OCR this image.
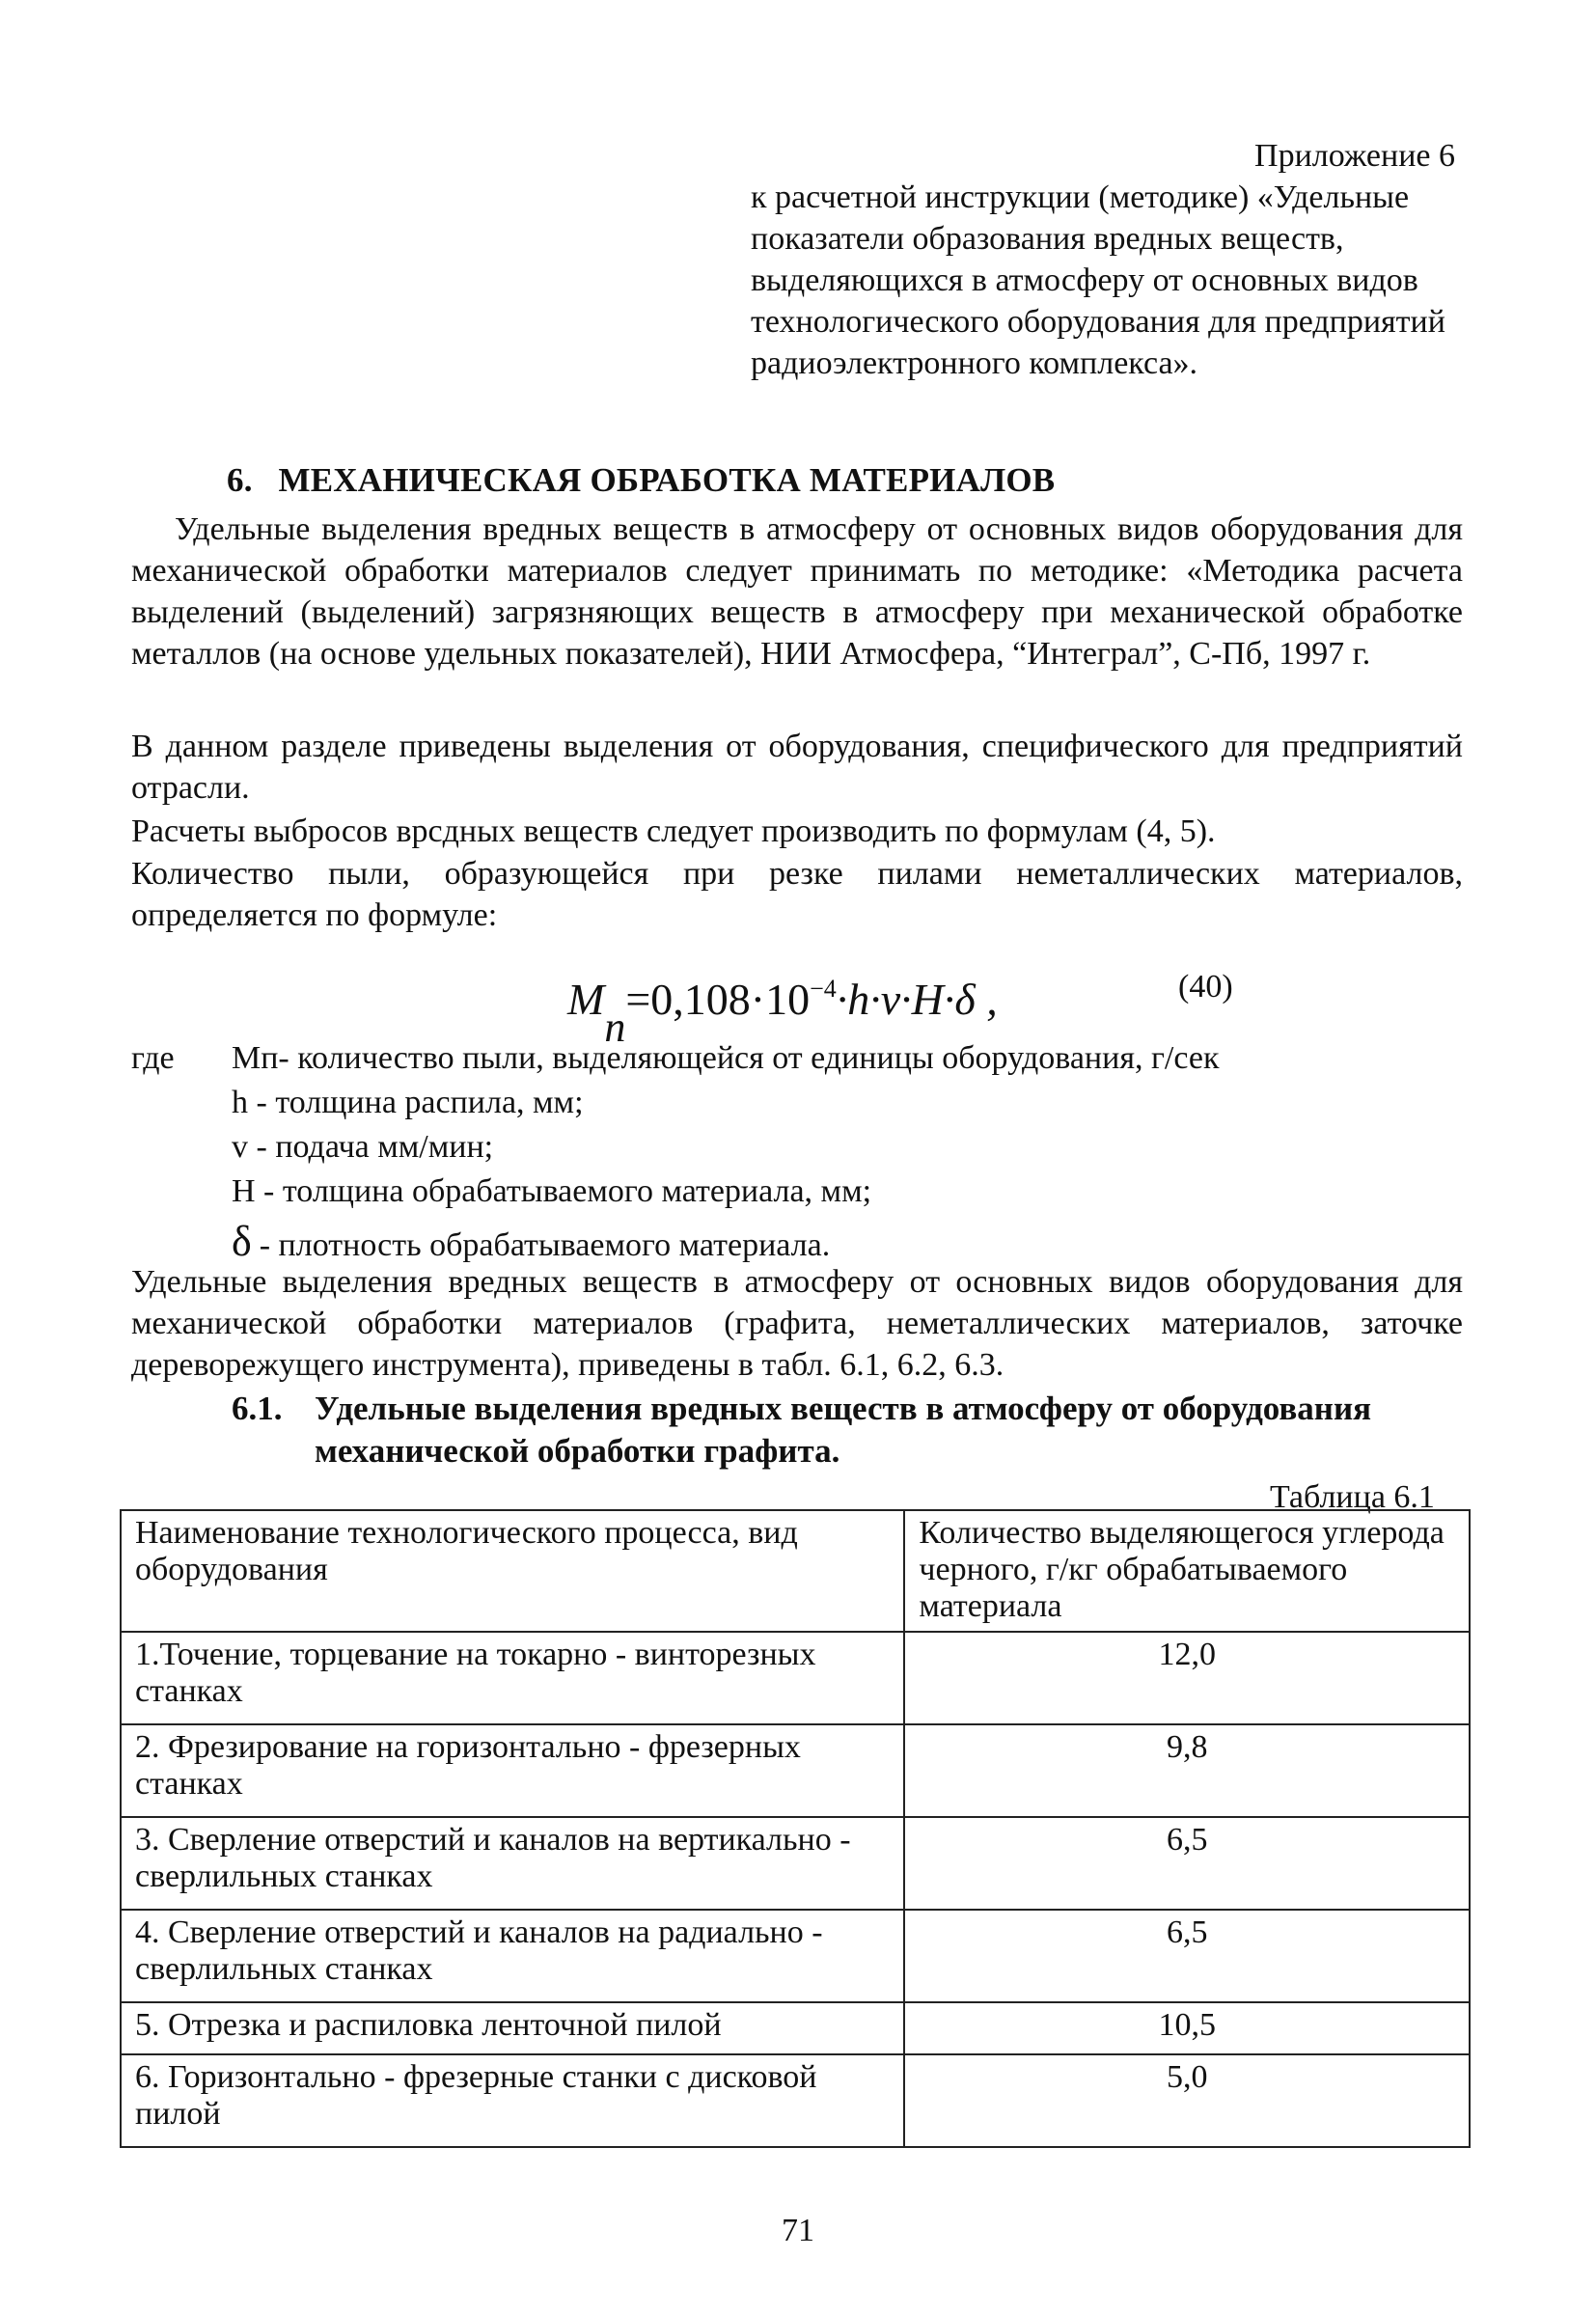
Приложение 6
к расчетной инструкции (методике) «Удельные показатели образования вредных веществ, выделяющихся в атмосферу от основных видов технологического оборудования для предприятий радиоэлектронного комплекса».
6.   МЕХАНИЧЕСКАЯ ОБРАБОТКА МАТЕРИАЛОВ

Удельные выделения вредных веществ в атмосферу от основных видов оборудования для механической обработки материалов следует принимать по методике: «Методика расчета выделений (выделений) загрязняющих веществ в атмосферу при механической обработке металлов (на основе удельных показателей), НИИ Атмосфера, “Интеграл”, С-Пб, 1997 г.

В данном разделе приведены выделения от оборудования, специфического для предприятий отрасли.

Расчеты выбросов врсдных веществ следует производить по формулам (4, 5).

Количество пыли, образующейся при резке пилами неметаллических материалов, определяется по формуле:

$M_n=0,108\cdot 10^{-4}\cdot h\cdot v\cdot H\cdot\delta$ ,	(40)
где Мп- количество пыли, выделяющейся от единицы оборудования, г/сек
h - толщина распила, мм;
v - подача мм/мин;
H - толщина обрабатываемого материала, мм;
δ - плотность обрабатываемого материала.

Удельные выделения вредных веществ в атмосферу от основных видов оборудования для механической обработки материалов (графита, неметаллических материалов, заточке дереворежущего инструмента), приведены в табл. 6.1, 6.2, 6.3.

6.1. Удельные выделения вредных веществ в атмосферу от оборудования
механической обработки графита.
Таблица 6.1
Наименование технологического процесса, вид оборудования	Количество выделяющегося углерода черного, г/кг обрабатываемого материала
1.Точение, торцевание на токарно - винторезных станках	12,0
2. Фрезирование на горизонтально - фрезерных станках	9,8
3. Сверление отверстий и каналов на вертикально - сверлильных станках	6,5
4. Сверление отверстий и каналов на радиально - сверлильных станках	6,5
5. Отрезка и распиловка ленточной пилой	10,5
6. Горизонтально - фрезерные станки с дисковой пилой	5,0
71
